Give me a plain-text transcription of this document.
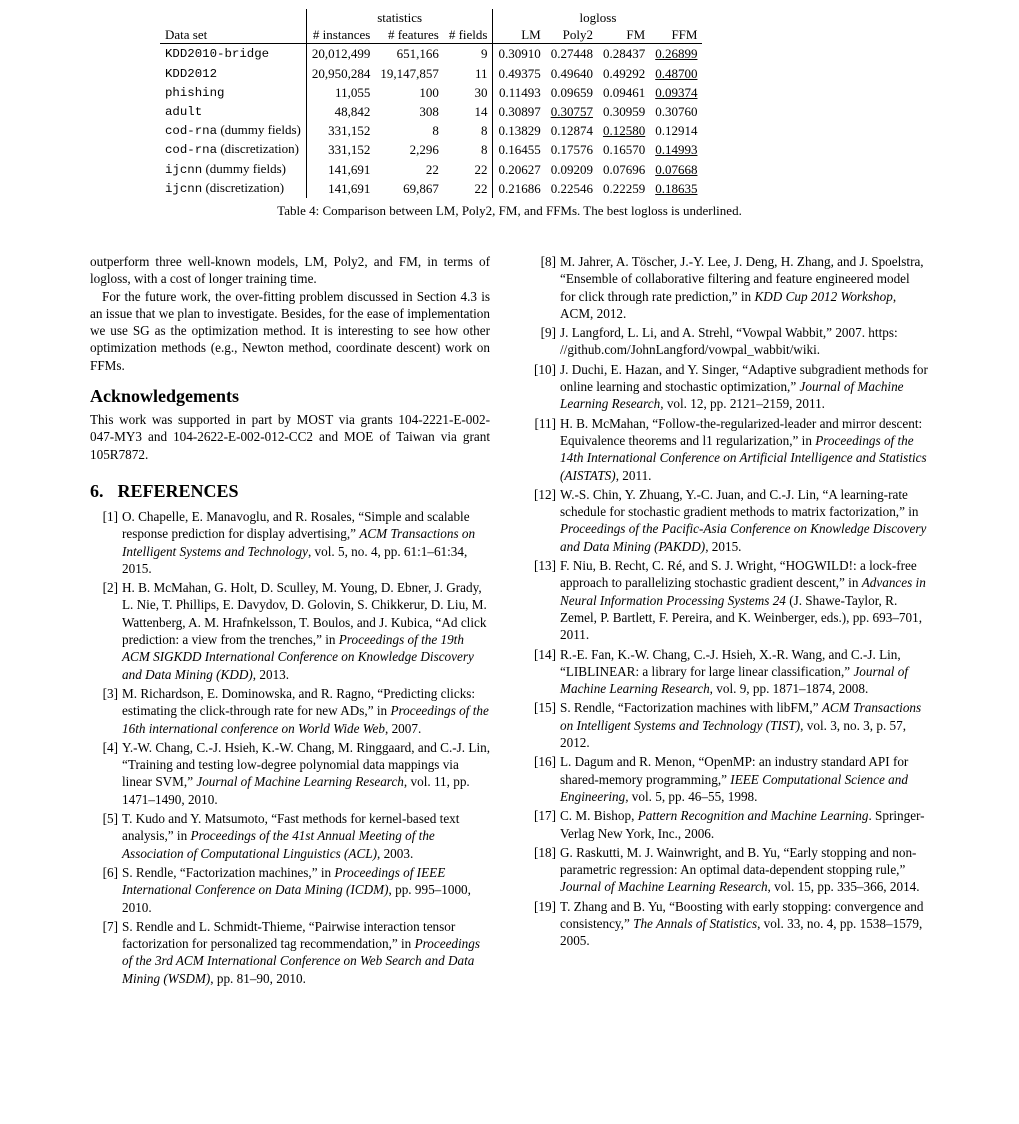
	statistics			logloss			
Data set	# instances	# features	# fields	LM	Poly2	FM	FFM
KDD2010-bridge	20,012,499	651,166	9	0.30910	0.27448	0.28437	0.26899
KDD2012	20,950,284	19,147,857	11	0.49375	0.49640	0.49292	0.48700
phishing	11,055	100	30	0.11493	0.09659	0.09461	0.09374
adult	48,842	308	14	0.30897	0.30757	0.30959	0.30760
cod-rna (dummy fields)	331,152	8	8	0.13829	0.12874	0.12580	0.12914
cod-rna (discretization)	331,152	2,296	8	0.16455	0.17576	0.16570	0.14993
ijcnn (dummy fields)	141,691	22	22	0.20627	0.09209	0.07696	0.07668
ijcnn (discretization)	141,691	69,867	22	0.21686	0.22546	0.22259	0.18635
Table 4: Comparison between LM, Poly2, FM, and FFMs. The best logloss is underlined.

outperform three well-known models, LM, Poly2, and FM, in terms of logloss, with a cost of longer training time.

For the future work, the over-fitting problem discussed in Section 4.3 is an issue that we plan to investigate. Besides, for the ease of implementation we use SG as the optimization method. It is interesting to see how other optimization methods (e.g., Newton method, coordinate descent) work on FFMs.

Acknowledgements

This work was supported in part by MOST via grants 104-2221-E-002-047-MY3 and 104-2622-E-002-012-CC2 and MOE of Taiwan via grant 105R7872.

6. REFERENCES
[1] O. Chapelle, E. Manavoglu, and R. Rosales, “Simple and scalable response prediction for display advertising,” ACM Transactions on Intelligent Systems and Technology, vol. 5, no. 4, pp. 61:1–61:34, 2015.
[2] H. B. McMahan, G. Holt, D. Sculley, M. Young, D. Ebner, J. Grady, L. Nie, T. Phillips, E. Davydov, D. Golovin, S. Chikkerur, D. Liu, M. Wattenberg, A. M. Hrafnkelsson, T. Boulos, and J. Kubica, “Ad click prediction: a view from the trenches,” in Proceedings of the 19th ACM SIGKDD International Conference on Knowledge Discovery and Data Mining (KDD), 2013.
[3] M. Richardson, E. Dominowska, and R. Ragno, “Predicting clicks: estimating the click-through rate for new ADs,” in Proceedings of the 16th international conference on World Wide Web, 2007.
[4] Y.-W. Chang, C.-J. Hsieh, K.-W. Chang, M. Ringgaard, and C.-J. Lin, “Training and testing low-degree polynomial data mappings via linear SVM,” Journal of Machine Learning Research, vol. 11, pp. 1471–1490, 2010.
[5] T. Kudo and Y. Matsumoto, “Fast methods for kernel-based text analysis,” in Proceedings of the 41st Annual Meeting of the Association of Computational Linguistics (ACL), 2003.
[6] S. Rendle, “Factorization machines,” in Proceedings of IEEE International Conference on Data Mining (ICDM), pp. 995–1000, 2010.
[7] S. Rendle and L. Schmidt-Thieme, “Pairwise interaction tensor factorization for personalized tag recommendation,” in Proceedings of the 3rd ACM International Conference on Web Search and Data Mining (WSDM), pp. 81–90, 2010.
[8] M. Jahrer, A. Töscher, J.-Y. Lee, J. Deng, H. Zhang, and J. Spoelstra, “Ensemble of collaborative filtering and feature engineered model for click through rate prediction,” in KDD Cup 2012 Workshop, ACM, 2012.
[9] J. Langford, L. Li, and A. Strehl, “Vowpal Wabbit,” 2007. https: //github.com/JohnLangford/vowpal_wabbit/wiki.
[10] J. Duchi, E. Hazan, and Y. Singer, “Adaptive subgradient methods for online learning and stochastic optimization,” Journal of Machine Learning Research, vol. 12, pp. 2121–2159, 2011.
[11] H. B. McMahan, “Follow-the-regularized-leader and mirror descent: Equivalence theorems and l1 regularization,” in Proceedings of the 14th International Conference on Artificial Intelligence and Statistics (AISTATS), 2011.
[12] W.-S. Chin, Y. Zhuang, Y.-C. Juan, and C.-J. Lin, “A learning-rate schedule for stochastic gradient methods to matrix factorization,” in Proceedings of the Pacific-Asia Conference on Knowledge Discovery and Data Mining (PAKDD), 2015.
[13] F. Niu, B. Recht, C. Ré, and S. J. Wright, “HOGWILD!: a lock-free approach to parallelizing stochastic gradient descent,” in Advances in Neural Information Processing Systems 24 (J. Shawe-Taylor, R. Zemel, P. Bartlett, F. Pereira, and K. Weinberger, eds.), pp. 693–701, 2011.
[14] R.-E. Fan, K.-W. Chang, C.-J. Hsieh, X.-R. Wang, and C.-J. Lin, “LIBLINEAR: a library for large linear classification,” Journal of Machine Learning Research, vol. 9, pp. 1871–1874, 2008.
[15] S. Rendle, “Factorization machines with libFM,” ACM Transactions on Intelligent Systems and Technology (TIST), vol. 3, no. 3, p. 57, 2012.
[16] L. Dagum and R. Menon, “OpenMP: an industry standard API for shared-memory programming,” IEEE Computational Science and Engineering, vol. 5, pp. 46–55, 1998.
[17] C. M. Bishop, Pattern Recognition and Machine Learning. Springer-Verlag New York, Inc., 2006.
[18] G. Raskutti, M. J. Wainwright, and B. Yu, “Early stopping and non-parametric regression: An optimal data-dependent stopping rule,” Journal of Machine Learning Research, vol. 15, pp. 335–366, 2014.
[19] T. Zhang and B. Yu, “Boosting with early stopping: convergence and consistency,” The Annals of Statistics, vol. 33, no. 4, pp. 1538–1579, 2005.
